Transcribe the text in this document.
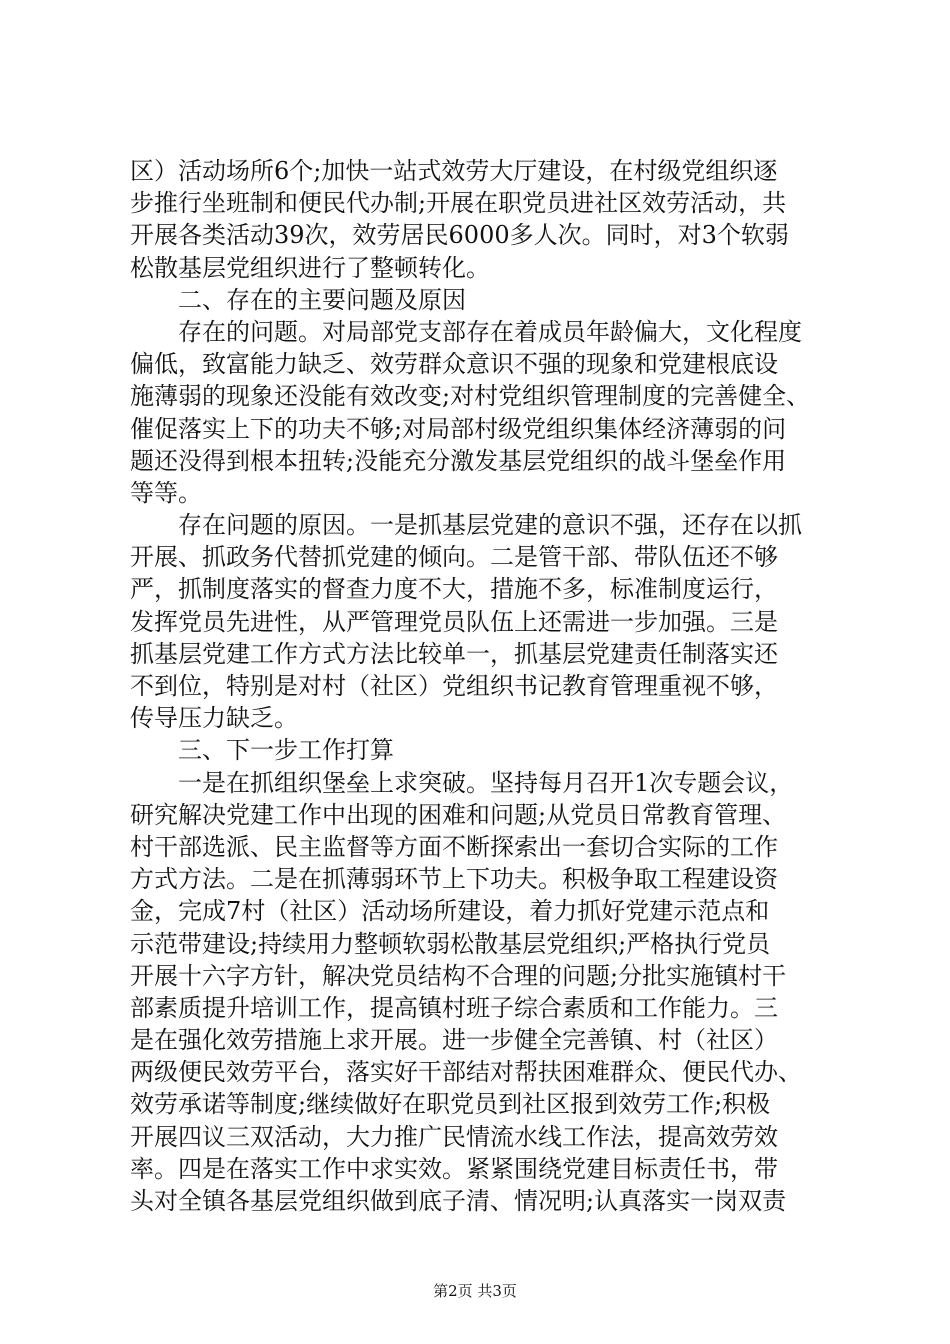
区）活动场所6个;加快一站式效劳大厅建设，在村级党组织逐
步推行坐班制和便民代办制;开展在职党员进社区效劳活动，共
开展各类活动39次，效劳居民6000多人次。同时，对3个软弱
松散基层党组织进行了整顿转化。
　　二、存在的主要问题及原因
　　存在的问题。对局部党支部存在着成员年龄偏大，文化程度
偏低，致富能力缺乏、效劳群众意识不强的现象和党建根底设
施薄弱的现象还没能有效改变;对村党组织管理制度的完善健全、
催促落实上下的功夫不够;对局部村级党组织集体经济薄弱的问
题还没得到根本扭转;没能充分激发基层党组织的战斗堡垒作用
等等。
　　存在问题的原因。一是抓基层党建的意识不强，还存在以抓
开展、抓政务代替抓党建的倾向。二是管干部、带队伍还不够
严，抓制度落实的督查力度不大，措施不多，标准制度运行，
发挥党员先进性，从严管理党员队伍上还需进一步加强。三是
抓基层党建工作方式方法比较单一，抓基层党建责任制落实还
不到位，特别是对村（社区）党组织书记教育管理重视不够，
传导压力缺乏。
　　三、下一步工作打算
　　一是在抓组织堡垒上求突破。坚持每月召开1次专题会议，
研究解决党建工作中出现的困难和问题;从党员日常教育管理、
村干部选派、民主监督等方面不断探索出一套切合实际的工作
方式方法。二是在抓薄弱环节上下功夫。积极争取工程建设资
金，完成7村（社区）活动场所建设，着力抓好党建示范点和
示范带建设;持续用力整顿软弱松散基层党组织;严格执行党员
开展十六字方针，解决党员结构不合理的问题;分批实施镇村干
部素质提升培训工作，提高镇村班子综合素质和工作能力。三
是在强化效劳措施上求开展。进一步健全完善镇、村（社区）
两级便民效劳平台，落实好干部结对帮扶困难群众、便民代办、
效劳承诺等制度;继续做好在职党员到社区报到效劳工作;积极
开展四议三双活动，大力推广民情流水线工作法，提高效劳效
率。四是在落实工作中求实效。紧紧围绕党建目标责任书，带
头对全镇各基层党组织做到底子清、情况明;认真落实一岗双责
第2页 共3页
